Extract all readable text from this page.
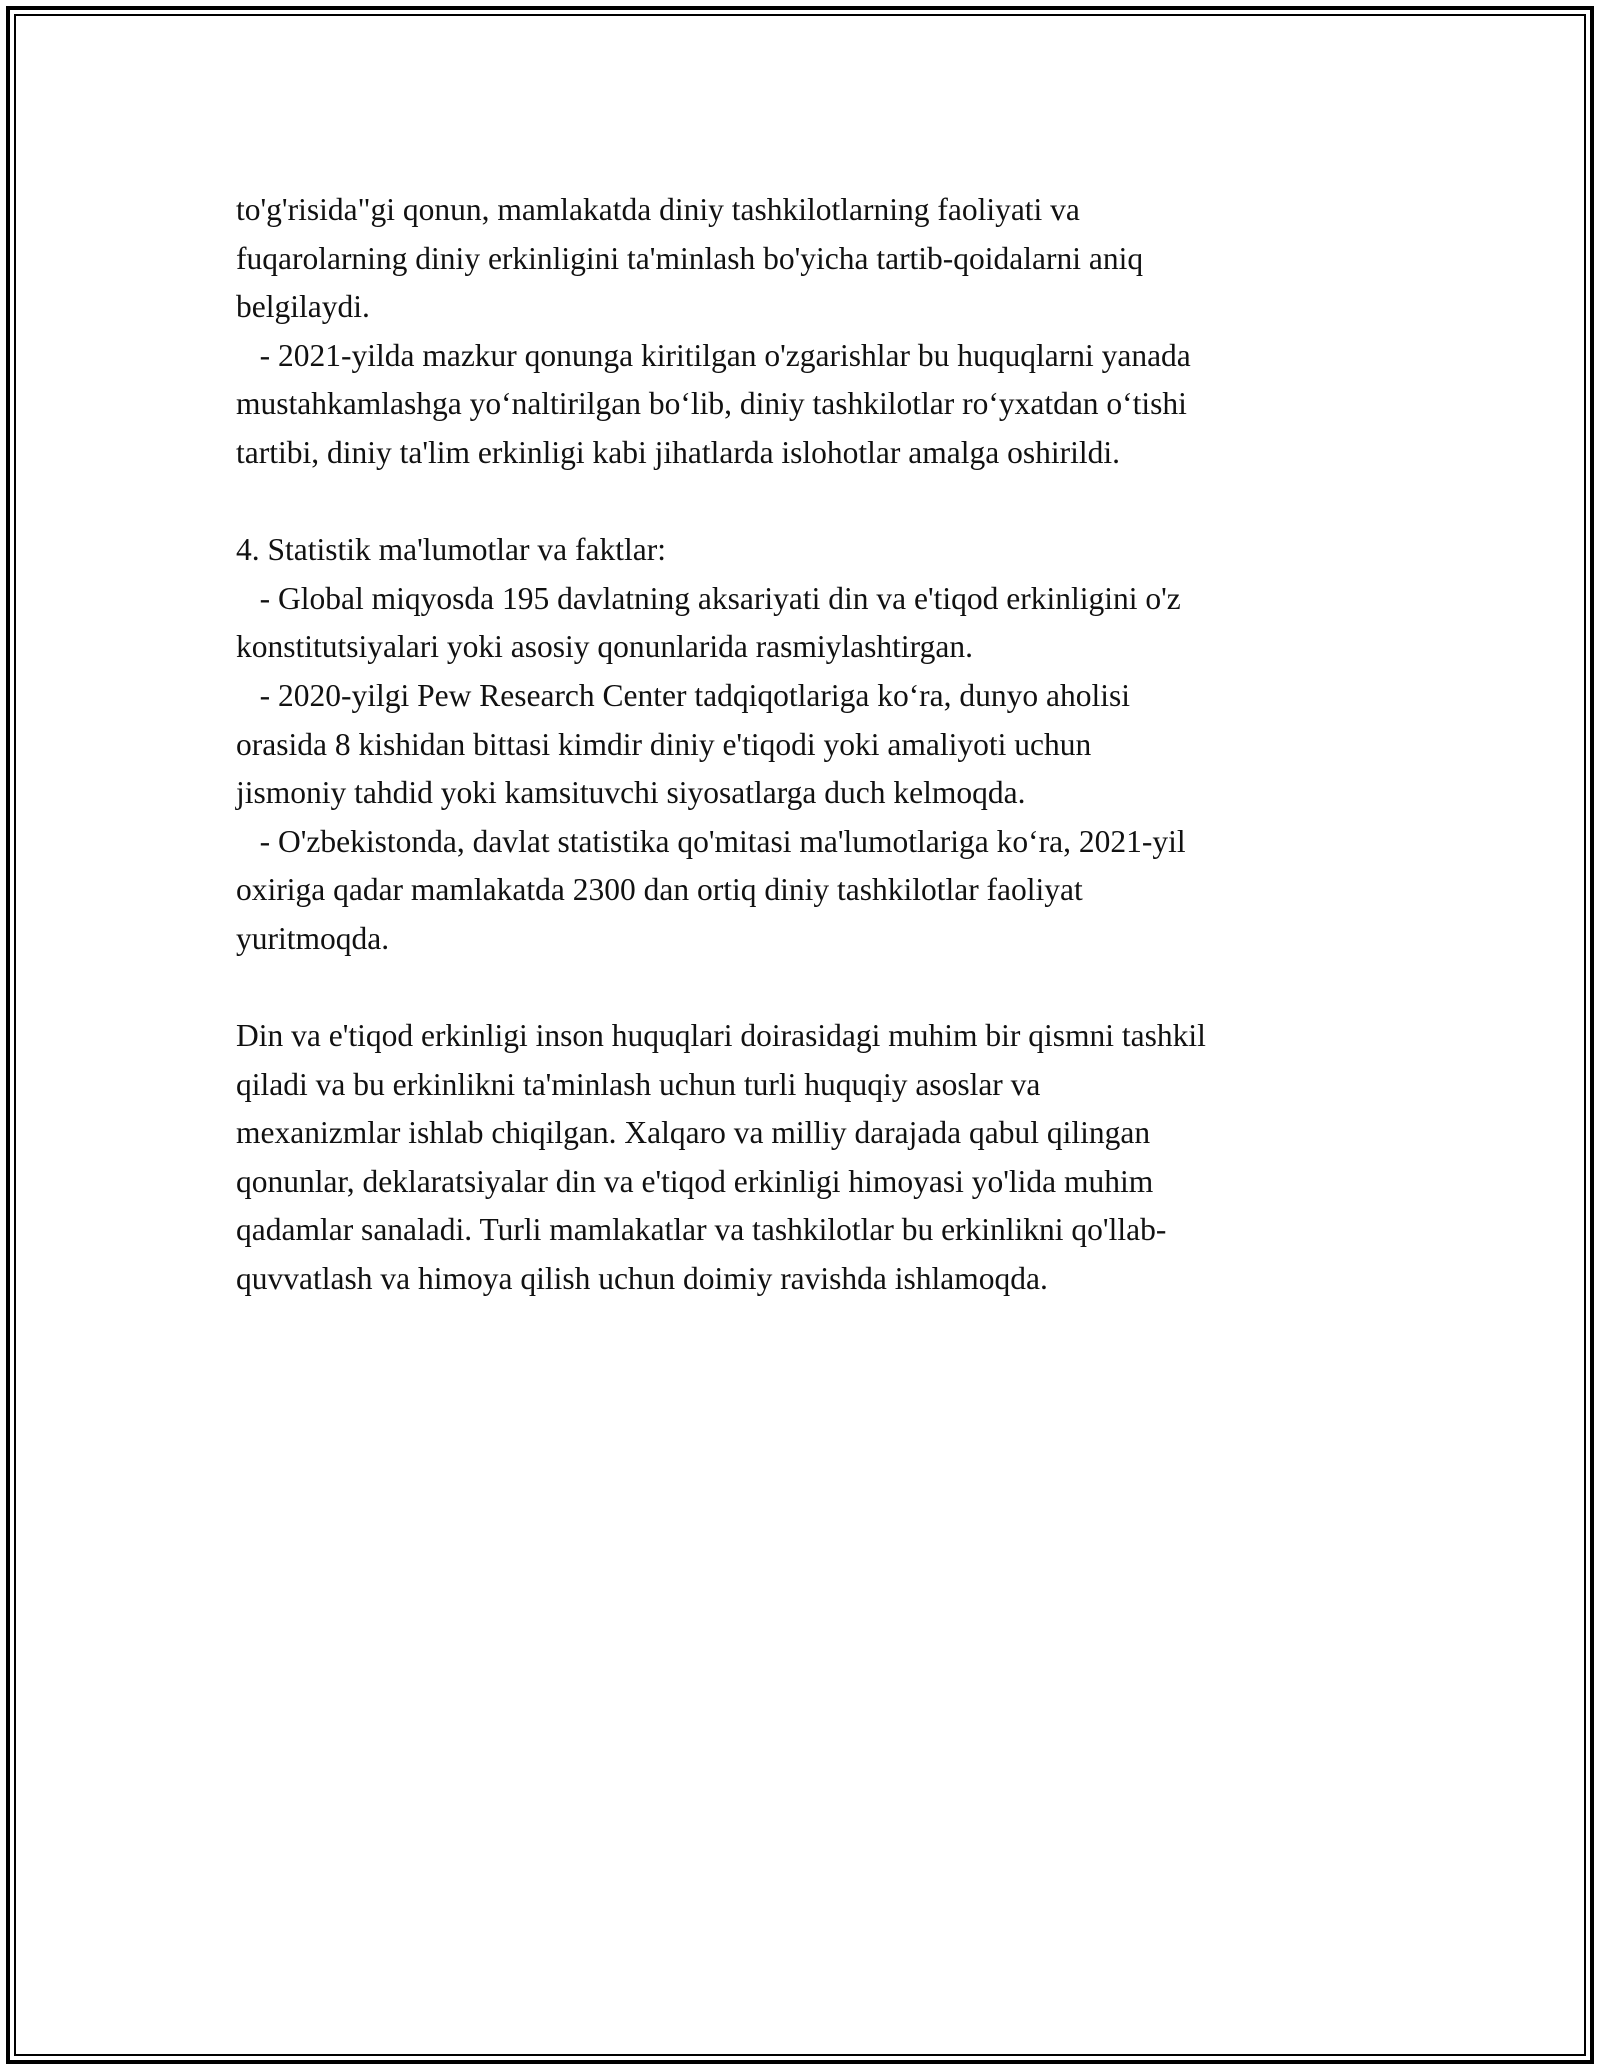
to'g'risida"gi qonun, mamlakatda diniy tashkilotlarning faoliyati va
fuqarolarning diniy erkinligini ta'minlash bo'yicha tartib-qoidalarni aniq
belgilaydi.
- 2021-yilda mazkur qonunga kiritilgan o'zgarishlar bu huquqlarni yanada
mustahkamlashga yo‘naltirilgan bo‘lib, diniy tashkilotlar ro‘yxatdan o‘tishi
tartibi, diniy ta'lim erkinligi kabi jihatlarda islohotlar amalga oshirildi.
4. Statistik ma'lumotlar va faktlar:
- Global miqyosda 195 davlatning aksariyati din va e'tiqod erkinligini o'z
konstitutsiyalari yoki asosiy qonunlarida rasmiylashtirgan.
- 2020-yilgi Pew Research Center tadqiqotlariga ko‘ra, dunyo aholisi
orasida 8 kishidan bittasi kimdir diniy e'tiqodi yoki amaliyoti uchun
jismoniy tahdid yoki kamsituvchi siyosatlarga duch kelmoqda.
- O'zbekistonda, davlat statistika qo'mitasi ma'lumotlariga ko‘ra, 2021-yil
oxiriga qadar mamlakatda 2300 dan ortiq diniy tashkilotlar faoliyat
yuritmoqda.
Din va e'tiqod erkinligi inson huquqlari doirasidagi muhim bir qismni tashkil
qiladi va bu erkinlikni ta'minlash uchun turli huquqiy asoslar va
mexanizmlar ishlab chiqilgan. Xalqaro va milliy darajada qabul qilingan
qonunlar, deklaratsiyalar din va e'tiqod erkinligi himoyasi yo'lida muhim
qadamlar sanaladi. Turli mamlakatlar va tashkilotlar bu erkinlikni qo'llab-
quvvatlash va himoya qilish uchun doimiy ravishda ishlamoqda.
